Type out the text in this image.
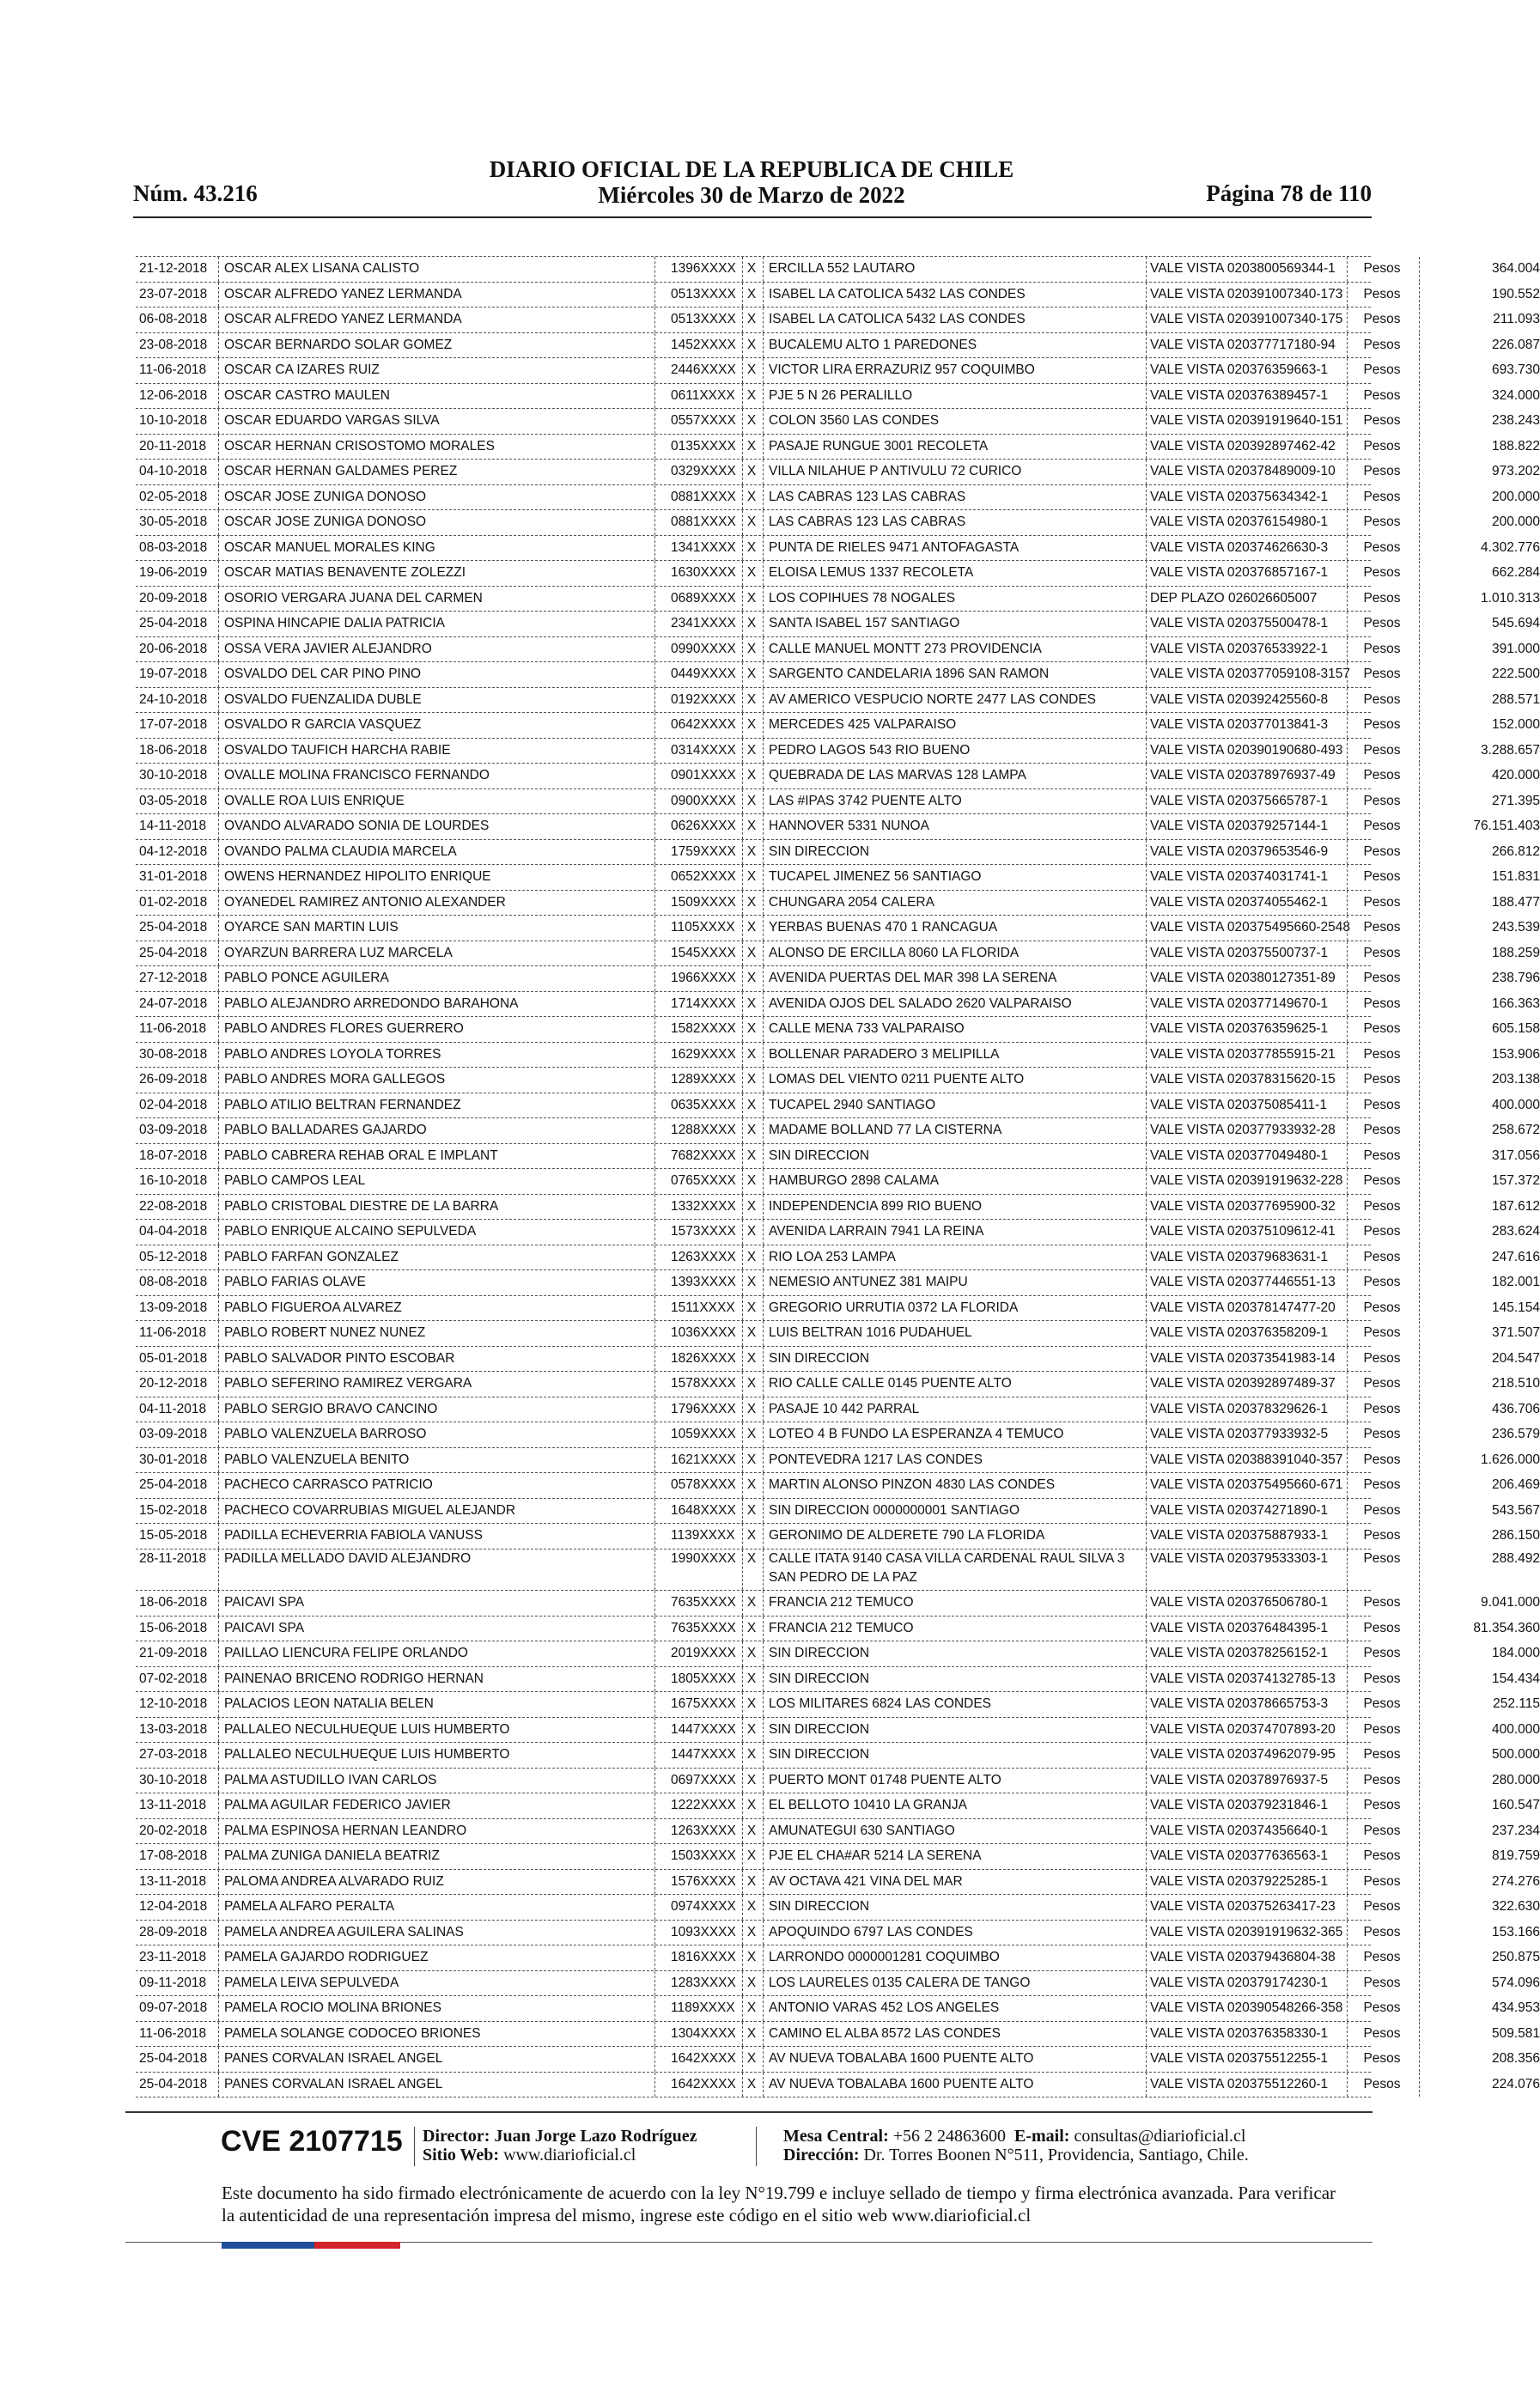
Núm. 43.216
DIARIO OFICIAL DE LA REPUBLICA DE CHILE
Miércoles 30 de Marzo de 2022	Página 78 de 110
21-12-2018	OSCAR ALEX LISANA CALISTO	1396XXXX X ERCILLA 552 LAUTARO	VALE VISTA 0203800569344-1	Pesos	364.004
23-07-2018	OSCAR ALFREDO YANEZ LERMANDA	0513XXXX X ISABEL LA CATOLICA 5432 LAS CONDES	VALE VISTA 020391007340-173	Pesos	190.552
06-08-2018	OSCAR ALFREDO YANEZ LERMANDA	0513XXXX X ISABEL LA CATOLICA 5432 LAS CONDES	VALE VISTA 020391007340-175	Pesos	211.093
23-08-2018	OSCAR BERNARDO SOLAR GOMEZ	1452XXXX X BUCALEMU ALTO 1 PAREDONES	VALE VISTA 020377717180-94	Pesos	226.087
11-06-2018	OSCAR CA IZARES RUIZ	2446XXXX X VICTOR LIRA ERRAZURIZ 957 COQUIMBO	VALE VISTA 020376359663-1	Pesos	693.730
12-06-2018	OSCAR CASTRO MAULEN	0611XXXX X PJE 5 N 26 PERALILLO	VALE VISTA 020376389457-1	Pesos	324.000
10-10-2018	OSCAR EDUARDO VARGAS SILVA	0557XXXX X COLON 3560 LAS CONDES	VALE VISTA 020391919640-151	Pesos	238.243
20-11-2018	OSCAR HERNAN CRISOSTOMO MORALES	0135XXXX X PASAJE RUNGUE 3001 RECOLETA	VALE VISTA 020392897462-42	Pesos	188.822
04-10-2018	OSCAR HERNAN GALDAMES PEREZ	0329XXXX X VILLA NILAHUE P ANTIVULU 72 CURICO	VALE VISTA 020378489009-10	Pesos	973.202
02-05-2018	OSCAR JOSE ZUNIGA DONOSO	0881XXXX X LAS CABRAS 123 LAS CABRAS	VALE VISTA 020375634342-1	Pesos	200.000
30-05-2018	OSCAR JOSE ZUNIGA DONOSO	0881XXXX X LAS CABRAS 123 LAS CABRAS	VALE VISTA 020376154980-1	Pesos	200.000
08-03-2018	OSCAR MANUEL MORALES KING	1341XXXX X PUNTA DE RIELES 9471 ANTOFAGASTA	VALE VISTA 020374626630-3	Pesos	4.302.776
19-06-2019	OSCAR MATIAS BENAVENTE ZOLEZZI	1630XXXX X ELOISA LEMUS 1337 RECOLETA	VALE VISTA 020376857167-1	Pesos	662.284
20-09-2018	OSORIO VERGARA JUANA DEL CARMEN	0689XXXX X LOS COPIHUES 78 NOGALES	DEP PLAZO 026026605007	Pesos	1.010.313
25-04-2018	OSPINA HINCAPIE DALIA PATRICIA	2341XXXX X SANTA ISABEL 157 SANTIAGO	VALE VISTA 020375500478-1	Pesos	545.694
20-06-2018	OSSA VERA JAVIER ALEJANDRO	0990XXXX X CALLE MANUEL MONTT 273 PROVIDENCIA	VALE VISTA 020376533922-1	Pesos	391.000
19-07-2018	OSVALDO DEL CAR PINO PINO	0449XXXX X SARGENTO CANDELARIA 1896 SAN RAMON	VALE VISTA 020377059108-3157 Pesos	222.500
24-10-2018	OSVALDO FUENZALIDA DUBLE	0192XXXX X AV AMERICO VESPUCIO NORTE 2477 LAS CONDES	VALE VISTA 020392425560-8	Pesos	288.571
17-07-2018	OSVALDO R GARCIA VASQUEZ	0642XXXX X MERCEDES 425 VALPARAISO	VALE VISTA 020377013841-3	Pesos	152.000
18-06-2018	OSVALDO TAUFICH HARCHA RABIE	0314XXXX X PEDRO LAGOS 543 RIO BUENO	VALE VISTA 020390190680-493	Pesos	3.288.657
30-10-2018	OVALLE MOLINA FRANCISCO FERNANDO	0901XXXX X QUEBRADA DE LAS MARVAS 128 LAMPA	VALE VISTA 020378976937-49	Pesos	420.000
03-05-2018	OVALLE ROA LUIS ENRIQUE	0900XXXX X LAS #IPAS 3742 PUENTE ALTO	VALE VISTA 020375665787-1	Pesos	271.395
14-11-2018	OVANDO ALVARADO SONIA DE LOURDES	0626XXXX X HANNOVER 5331 NUNOA	VALE VISTA 020379257144-1	Pesos	76.151.403
04-12-2018	OVANDO PALMA CLAUDIA MARCELA	1759XXXX X SIN DIRECCION	VALE VISTA 020379653546-9	Pesos	266.812
31-01-2018	OWENS HERNANDEZ HIPOLITO ENRIQUE	0652XXXX X TUCAPEL JIMENEZ 56 SANTIAGO	VALE VISTA 020374031741-1	Pesos	151.831
01-02-2018	OYANEDEL RAMIREZ ANTONIO ALEXANDER	1509XXXX X CHUNGARA 2054 CALERA	VALE VISTA 020374055462-1	Pesos	188.477
25-04-2018	OYARCE SAN MARTIN LUIS	1105XXXX X YERBAS BUENAS 470 1 RANCAGUA	VALE VISTA 020375495660-2548 Pesos	243.539
25-04-2018	OYARZUN BARRERA LUZ MARCELA	1545XXXX X ALONSO DE ERCILLA 8060 LA FLORIDA	VALE VISTA 020375500737-1	Pesos	188.259
27-12-2018	PABLO PONCE AGUILERA	1966XXXX X AVENIDA PUERTAS DEL MAR 398 LA SERENA	VALE VISTA 020380127351-89	Pesos	238.796
24-07-2018	PABLO ALEJANDRO ARREDONDO BARAHONA	1714XXXX X AVENIDA OJOS DEL SALADO 2620 VALPARAISO	VALE VISTA 020377149670-1	Pesos	166.363
11-06-2018	PABLO ANDRES FLORES GUERRERO	1582XXXX X CALLE MENA 733 VALPARAISO	VALE VISTA 020376359625-1	Pesos	605.158
30-08-2018	PABLO ANDRES LOYOLA TORRES	1629XXXX X BOLLENAR PARADERO 3 MELIPILLA	VALE VISTA 020377855915-21	Pesos	153.906
26-09-2018	PABLO ANDRES MORA GALLEGOS	1289XXXX X LOMAS DEL VIENTO 0211 PUENTE ALTO	VALE VISTA 020378315620-15	Pesos	203.138
02-04-2018	PABLO ATILIO BELTRAN FERNANDEZ	0635XXXX X TUCAPEL 2940 SANTIAGO	VALE VISTA 020375085411-1	Pesos	400.000
03-09-2018	PABLO BALLADARES GAJARDO	1288XXXX X MADAME BOLLAND 77 LA CISTERNA	VALE VISTA 020377933932-28	Pesos	258.672
18-07-2018	PABLO CABRERA REHAB ORAL E IMPLANT	7682XXXX X SIN DIRECCION	VALE VISTA 020377049480-1	Pesos	317.056
16-10-2018	PABLO CAMPOS LEAL	0765XXXX X HAMBURGO 2898 CALAMA	VALE VISTA 020391919632-228	Pesos	157.372
22-08-2018	PABLO CRISTOBAL DIESTRE DE LA BARRA	1332XXXX X INDEPENDENCIA 899 RIO BUENO	VALE VISTA 020377695900-32	Pesos	187.612
04-04-2018	PABLO ENRIQUE ALCAINO SEPULVEDA	1573XXXX X AVENIDA LARRAIN 7941 LA REINA	VALE VISTA 020375109612-41	Pesos	283.624
05-12-2018	PABLO FARFAN GONZALEZ	1263XXXX X RIO LOA 253 LAMPA	VALE VISTA 020379683631-1	Pesos	247.616
08-08-2018	PABLO FARIAS OLAVE	1393XXXX X NEMESIO ANTUNEZ 381 MAIPU	VALE VISTA 020377446551-13	Pesos	182.001
13-09-2018	PABLO FIGUEROA ALVAREZ	1511XXXX X GREGORIO URRUTIA 0372 LA FLORIDA	VALE VISTA 020378147477-20	Pesos	145.154
11-06-2018	PABLO ROBERT NUNEZ NUNEZ	1036XXXX X LUIS BELTRAN 1016 PUDAHUEL	VALE VISTA 020376358209-1	Pesos	371.507
05-01-2018	PABLO SALVADOR PINTO ESCOBAR	1826XXXX X SIN DIRECCION	VALE VISTA 020373541983-14	Pesos	204.547
20-12-2018	PABLO SEFERINO RAMIREZ VERGARA	1578XXXX X RIO CALLE CALLE 0145 PUENTE ALTO	VALE VISTA 020392897489-37	Pesos	218.510
04-11-2018	PABLO SERGIO BRAVO CANCINO	1796XXXX X PASAJE 10 442 PARRAL	VALE VISTA 020378329626-1	Pesos	436.706
03-09-2018	PABLO VALENZUELA BARROSO	1059XXXX X LOTEO 4 B FUNDO LA ESPERANZA 4 TEMUCO	VALE VISTA 020377933932-5	Pesos	236.579
30-01-2018	PABLO VALENZUELA BENITO	1621XXXX X PONTEVEDRA 1217 LAS CONDES	VALE VISTA 020388391040-357	Pesos	1.626.000
25-04-2018	PACHECO CARRASCO PATRICIO	0578XXXX X MARTIN ALONSO PINZON 4830 LAS CONDES	VALE VISTA 020375495660-671	Pesos	206.469
15-02-2018	PACHECO COVARRUBIAS MIGUEL ALEJANDR	1648XXXX X SIN DIRECCION 0000000001 SANTIAGO	VALE VISTA 020374271890-1	Pesos	543.567
15-05-2018	PADILLA ECHEVERRIA FABIOLA VANUSS	1139XXXX X GERONIMO DE ALDERETE 790 LA FLORIDA	VALE VISTA 020375887933-1	Pesos	286.150
28-11-2018	PADILLA MELLADO DAVID ALEJANDRO	1990XXXX X CALLE ITATA 9140 CASA VILLA CARDENAL RAUL SILVA 3 SAN PEDRO DE LA PAZ
VALE VISTA 020379533303-1	Pesos	288.492
18-06-2018	PAICAVI SPA	7635XXXX X FRANCIA 212 TEMUCO	VALE VISTA 020376506780-1	Pesos	9.041.000
15-06-2018	PAICAVI SPA	7635XXXX X FRANCIA 212 TEMUCO	VALE VISTA 020376484395-1	Pesos	81.354.360
21-09-2018	PAILLAO LIENCURA FELIPE ORLANDO	2019XXXX X SIN DIRECCION	VALE VISTA 020378256152-1	Pesos	184.000
07-02-2018	PAINENAO BRICENO RODRIGO HERNAN	1805XXXX X SIN DIRECCION	VALE VISTA 020374132785-13	Pesos	154.434
12-10-2018	PALACIOS LEON NATALIA BELEN	1675XXXX X LOS MILITARES 6824 LAS CONDES	VALE VISTA 020378665753-3	Pesos	252.115
13-03-2018	PALLALEO NECULHUEQUE LUIS HUMBERTO	1447XXXX X SIN DIRECCION	VALE VISTA 020374707893-20	Pesos	400.000
27-03-2018	PALLALEO NECULHUEQUE LUIS HUMBERTO	1447XXXX X SIN DIRECCION	VALE VISTA 020374962079-95	Pesos	500.000
30-10-2018	PALMA ASTUDILLO IVAN CARLOS	0697XXXX X PUERTO MONT 01748 PUENTE ALTO	VALE VISTA 020378976937-5	Pesos	280.000
13-11-2018	PALMA AGUILAR FEDERICO JAVIER	1222XXXX X EL BELLOTO 10410 LA GRANJA	VALE VISTA 020379231846-1	Pesos	160.547
20-02-2018	PALMA ESPINOSA HERNAN LEANDRO	1263XXXX X AMUNATEGUI 630 SANTIAGO	VALE VISTA 020374356640-1	Pesos	237.234
17-08-2018	PALMA ZUNIGA DANIELA BEATRIZ	1503XXXX X PJE EL CHA#AR 5214 LA SERENA	VALE VISTA 020377636563-1	Pesos	819.759
13-11-2018	PALOMA ANDREA ALVARADO RUIZ	1576XXXX X AV OCTAVA 421 VINA DEL MAR	VALE VISTA 020379225285-1	Pesos	274.276
12-04-2018	PAMELA ALFARO PERALTA	0974XXXX X SIN DIRECCION	VALE VISTA 020375263417-23	Pesos	322.630
28-09-2018	PAMELA ANDREA AGUILERA SALINAS	1093XXXX X APOQUINDO 6797 LAS CONDES	VALE VISTA 020391919632-365	Pesos	153.166
23-11-2018	PAMELA GAJARDO RODRIGUEZ	1816XXXX X LARRONDO 0000001281 COQUIMBO	VALE VISTA 020379436804-38	Pesos	250.875
09-11-2018	PAMELA LEIVA SEPULVEDA	1283XXXX X LOS LAURELES 0135 CALERA DE TANGO	VALE VISTA 020379174230-1	Pesos	574.096
09-07-2018	PAMELA ROCIO MOLINA BRIONES	1189XXXX X ANTONIO VARAS 452 LOS ANGELES	VALE VISTA 020390548266-358	Pesos	434.953
11-06-2018	PAMELA SOLANGE CODOCEO BRIONES	1304XXXX X CAMINO EL ALBA 8572 LAS CONDES	VALE VISTA 020376358330-1	Pesos	509.581
25-04-2018	PANES CORVALAN ISRAEL ANGEL	1642XXXX X AV NUEVA TOBALABA 1600 PUENTE ALTO	VALE VISTA 020375512255-1	Pesos	208.356
25-04-2018	PANES CORVALAN ISRAEL ANGEL	1642XXXX X AV NUEVA TOBALABA 1600 PUENTE ALTO	VALE VISTA 020375512260-1	Pesos	224.076
CVE 2107715 Director: Juan Jorge Lazo Rodríguez
Sitio Web: www.diarioficial.cl
Mesa Central: +56 2 24863600 E-mail: consultas@diarioficial.cl
Dirección: Dr. Torres Boonen N°511, Providencia, Santiago, Chile.
Este documento ha sido firmado electrónicamente de acuerdo con la ley N°19.799 e incluye sellado de tiempo y firma electrónica avanzada. Para verificar la autenticidad de una representación impresa del mismo, ingrese este código en el sitio web www.diarioficial.cl
